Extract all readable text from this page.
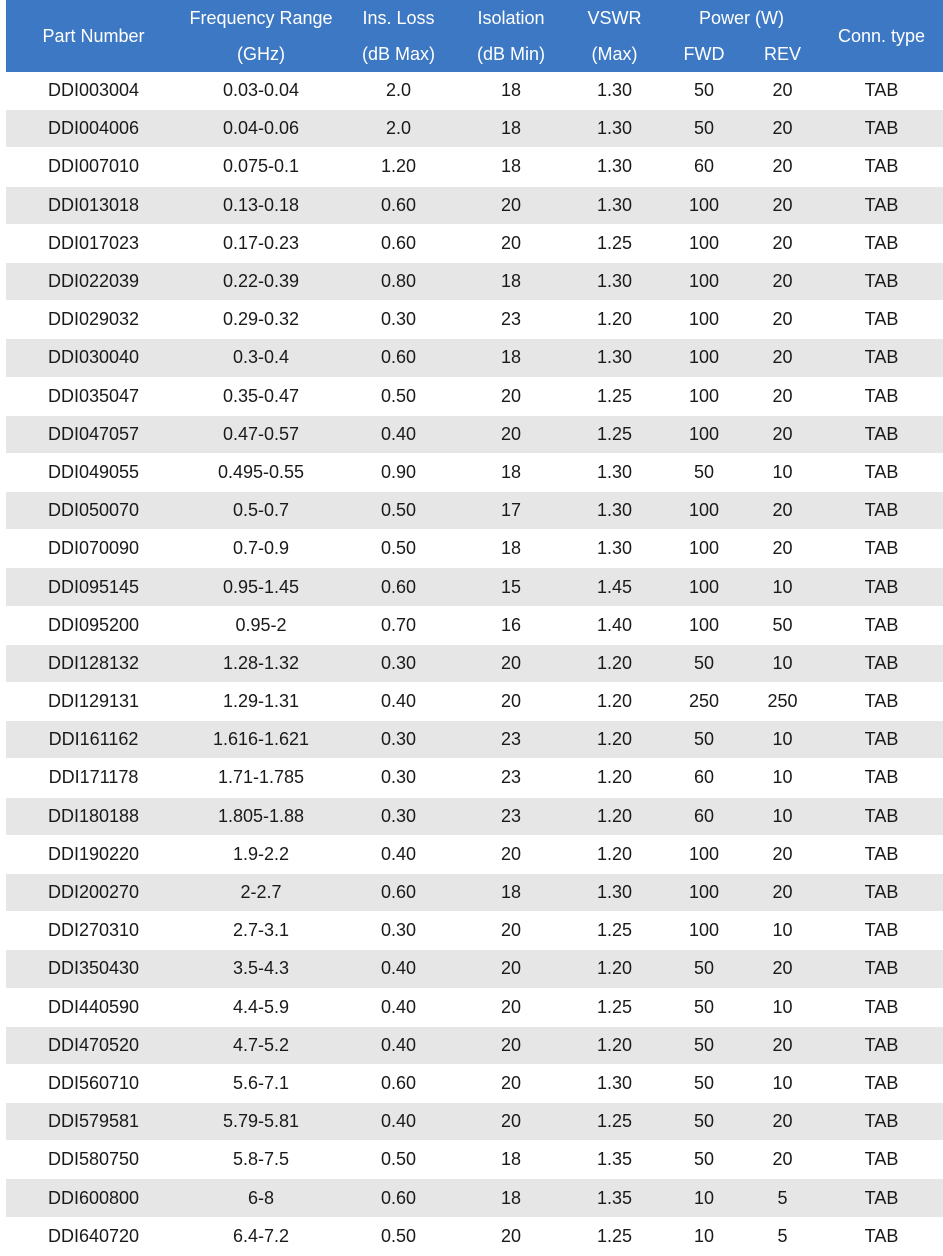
Part Number	Frequency Range	Ins. Loss	Isolation	VSWR	Power (W)		Conn. type
	(GHz)	(dB Max)	(dB Min)	(Max)	FWD	REV	
DDI003004	0.03-0.04	2.0	18	1.30	50	20	TAB
DDI004006	0.04-0.06	2.0	18	1.30	50	20	TAB
DDI007010	0.075-0.1	1.20	18	1.30	60	20	TAB
DDI013018	0.13-0.18	0.60	20	1.30	100	20	TAB
DDI017023	0.17-0.23	0.60	20	1.25	100	20	TAB
DDI022039	0.22-0.39	0.80	18	1.30	100	20	TAB
DDI029032	0.29-0.32	0.30	23	1.20	100	20	TAB
DDI030040	0.3-0.4	0.60	18	1.30	100	20	TAB
DDI035047	0.35-0.47	0.50	20	1.25	100	20	TAB
DDI047057	0.47-0.57	0.40	20	1.25	100	20	TAB
DDI049055	0.495-0.55	0.90	18	1.30	50	10	TAB
DDI050070	0.5-0.7	0.50	17	1.30	100	20	TAB
DDI070090	0.7-0.9	0.50	18	1.30	100	20	TAB
DDI095145	0.95-1.45	0.60	15	1.45	100	10	TAB
DDI095200	0.95-2	0.70	16	1.40	100	50	TAB
DDI128132	1.28-1.32	0.30	20	1.20	50	10	TAB
DDI129131	1.29-1.31	0.40	20	1.20	250	250	TAB
DDI161162	1.616-1.621	0.30	23	1.20	50	10	TAB
DDI171178	1.71-1.785	0.30	23	1.20	60	10	TAB
DDI180188	1.805-1.88	0.30	23	1.20	60	10	TAB
DDI190220	1.9-2.2	0.40	20	1.20	100	20	TAB
DDI200270	2-2.7	0.60	18	1.30	100	20	TAB
DDI270310	2.7-3.1	0.30	20	1.25	100	10	TAB
DDI350430	3.5-4.3	0.40	20	1.20	50	20	TAB
DDI440590	4.4-5.9	0.40	20	1.25	50	10	TAB
DDI470520	4.7-5.2	0.40	20	1.20	50	20	TAB
DDI560710	5.6-7.1	0.60	20	1.30	50	10	TAB
DDI579581	5.79-5.81	0.40	20	1.25	50	20	TAB
DDI580750	5.8-7.5	0.50	18	1.35	50	20	TAB
DDI600800	6-8	0.60	18	1.35	10	5	TAB
DDI640720	6.4-7.2	0.50	20	1.25	10	5	TAB
